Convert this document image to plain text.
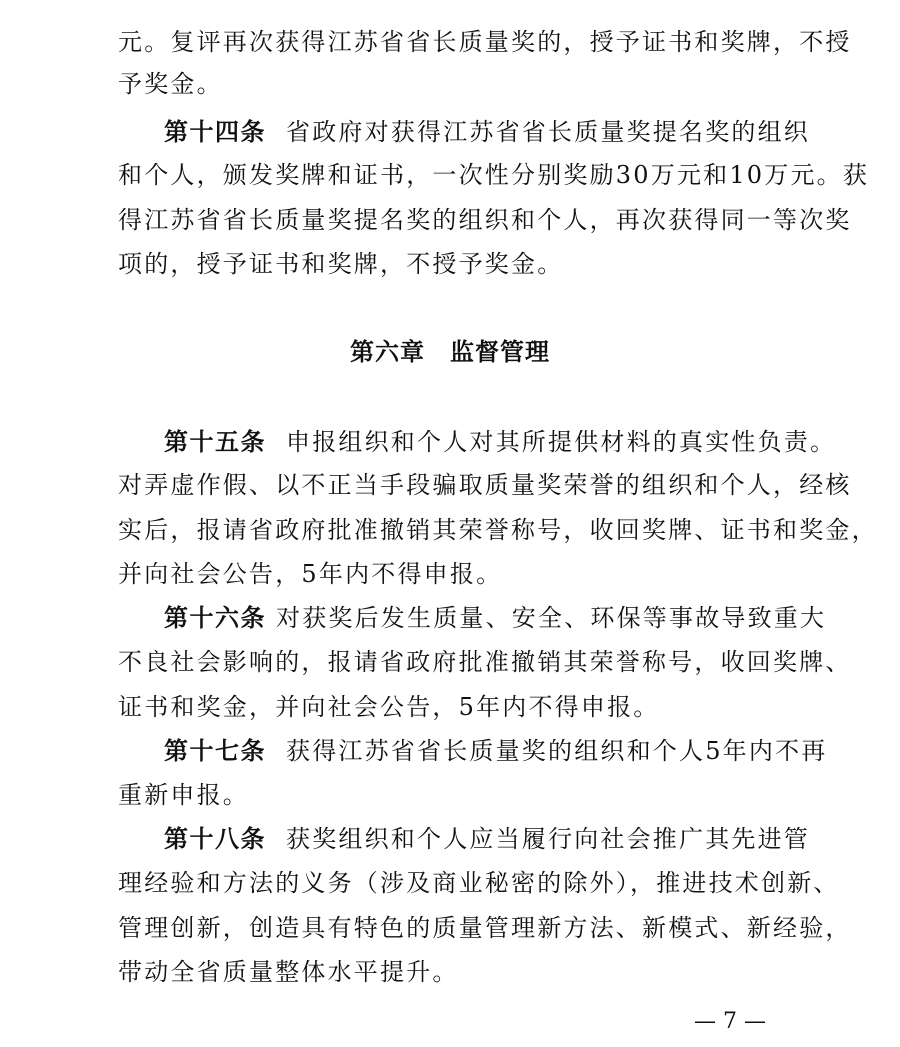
元。复评再次获得江苏省省长质量奖的，授予证书和奖牌，不授
予奖金。
第十四条 省政府对获得江苏省省长质量奖提名奖的组织
和个人，颁发奖牌和证书，一次性分别奖励30万元和10万元。获
得江苏省省长质量奖提名奖的组织和个人，再次获得同一等次奖
项的，授予证书和奖牌，不授予奖金。
第六章　监督管理
第十五条 申报组织和个人对其所提供材料的真实性负责。
对弄虚作假、以不正当手段骗取质量奖荣誉的组织和个人，经核
实后，报请省政府批准撤销其荣誉称号，收回奖牌、证书和奖金，
并向社会公告，5年内不得申报。
第十六条 对获奖后发生质量、安全、环保等事故导致重大
不良社会影响的，报请省政府批准撤销其荣誉称号，收回奖牌、
证书和奖金，并向社会公告，5年内不得申报。
第十七条 获得江苏省省长质量奖的组织和个人5年内不再
重新申报。
第十八条 获奖组织和个人应当履行向社会推广其先进管
理经验和方法的义务（涉及商业秘密的除外），推进技术创新、
管理创新，创造具有特色的质量管理新方法、新模式、新经验，
带动全省质量整体水平提升。
— 7 —
